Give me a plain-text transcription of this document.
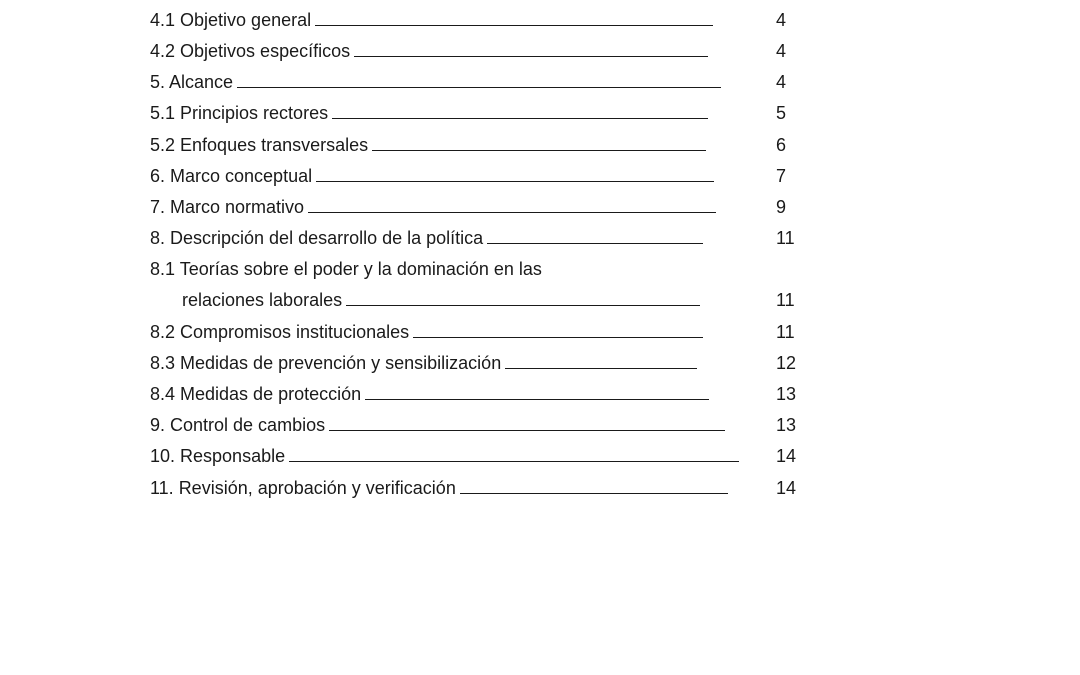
4.1 Objetivo general	4
4.2 Objetivos específicos	4
5. Alcance	4
5.1 Principios rectores	5
5.2 Enfoques transversales	6
6. Marco conceptual	7
7. Marco normativo	9
8. Descripción del desarrollo de la política	11
8.1 Teorías sobre el poder y la dominación en las
relaciones laborales	11
8.2 Compromisos institucionales	11
8.3 Medidas de prevención y sensibilización	12
8.4 Medidas de protección	13
9. Control de cambios	13
10. Responsable	14
11. Revisión, aprobación y verificación	14
